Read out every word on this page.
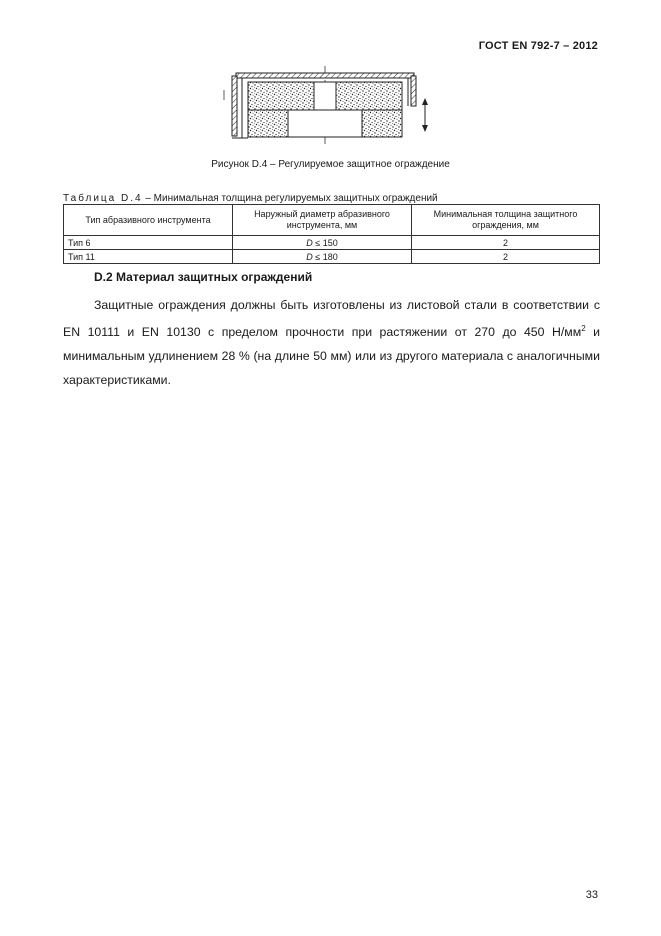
ГОСТ EN 792-7 – 2012
Рисунок D.4 – Регулируемое защитное ограждение
Таблица D.4 – Минимальная толщина регулируемых защитных ограждений
Тип абразивного инструмента	Наружный диаметр абразивного инструмента, мм	Минимальная толщина защитного ограждения, мм
Тип 6	D ≤ 150	2
Тип 11	D ≤ 180	2
D.2 Материал защитных ограждений
Защитные ограждения должны быть изготовлены из листовой стали в соответствии с EN 10111 и EN 10130 с пределом прочности при растяжении от 270 до 450 $Н/мм^2$ и минимальным удлинением 28 % (на длине 50 мм) или из другого материала с аналогичными характеристиками.
33
